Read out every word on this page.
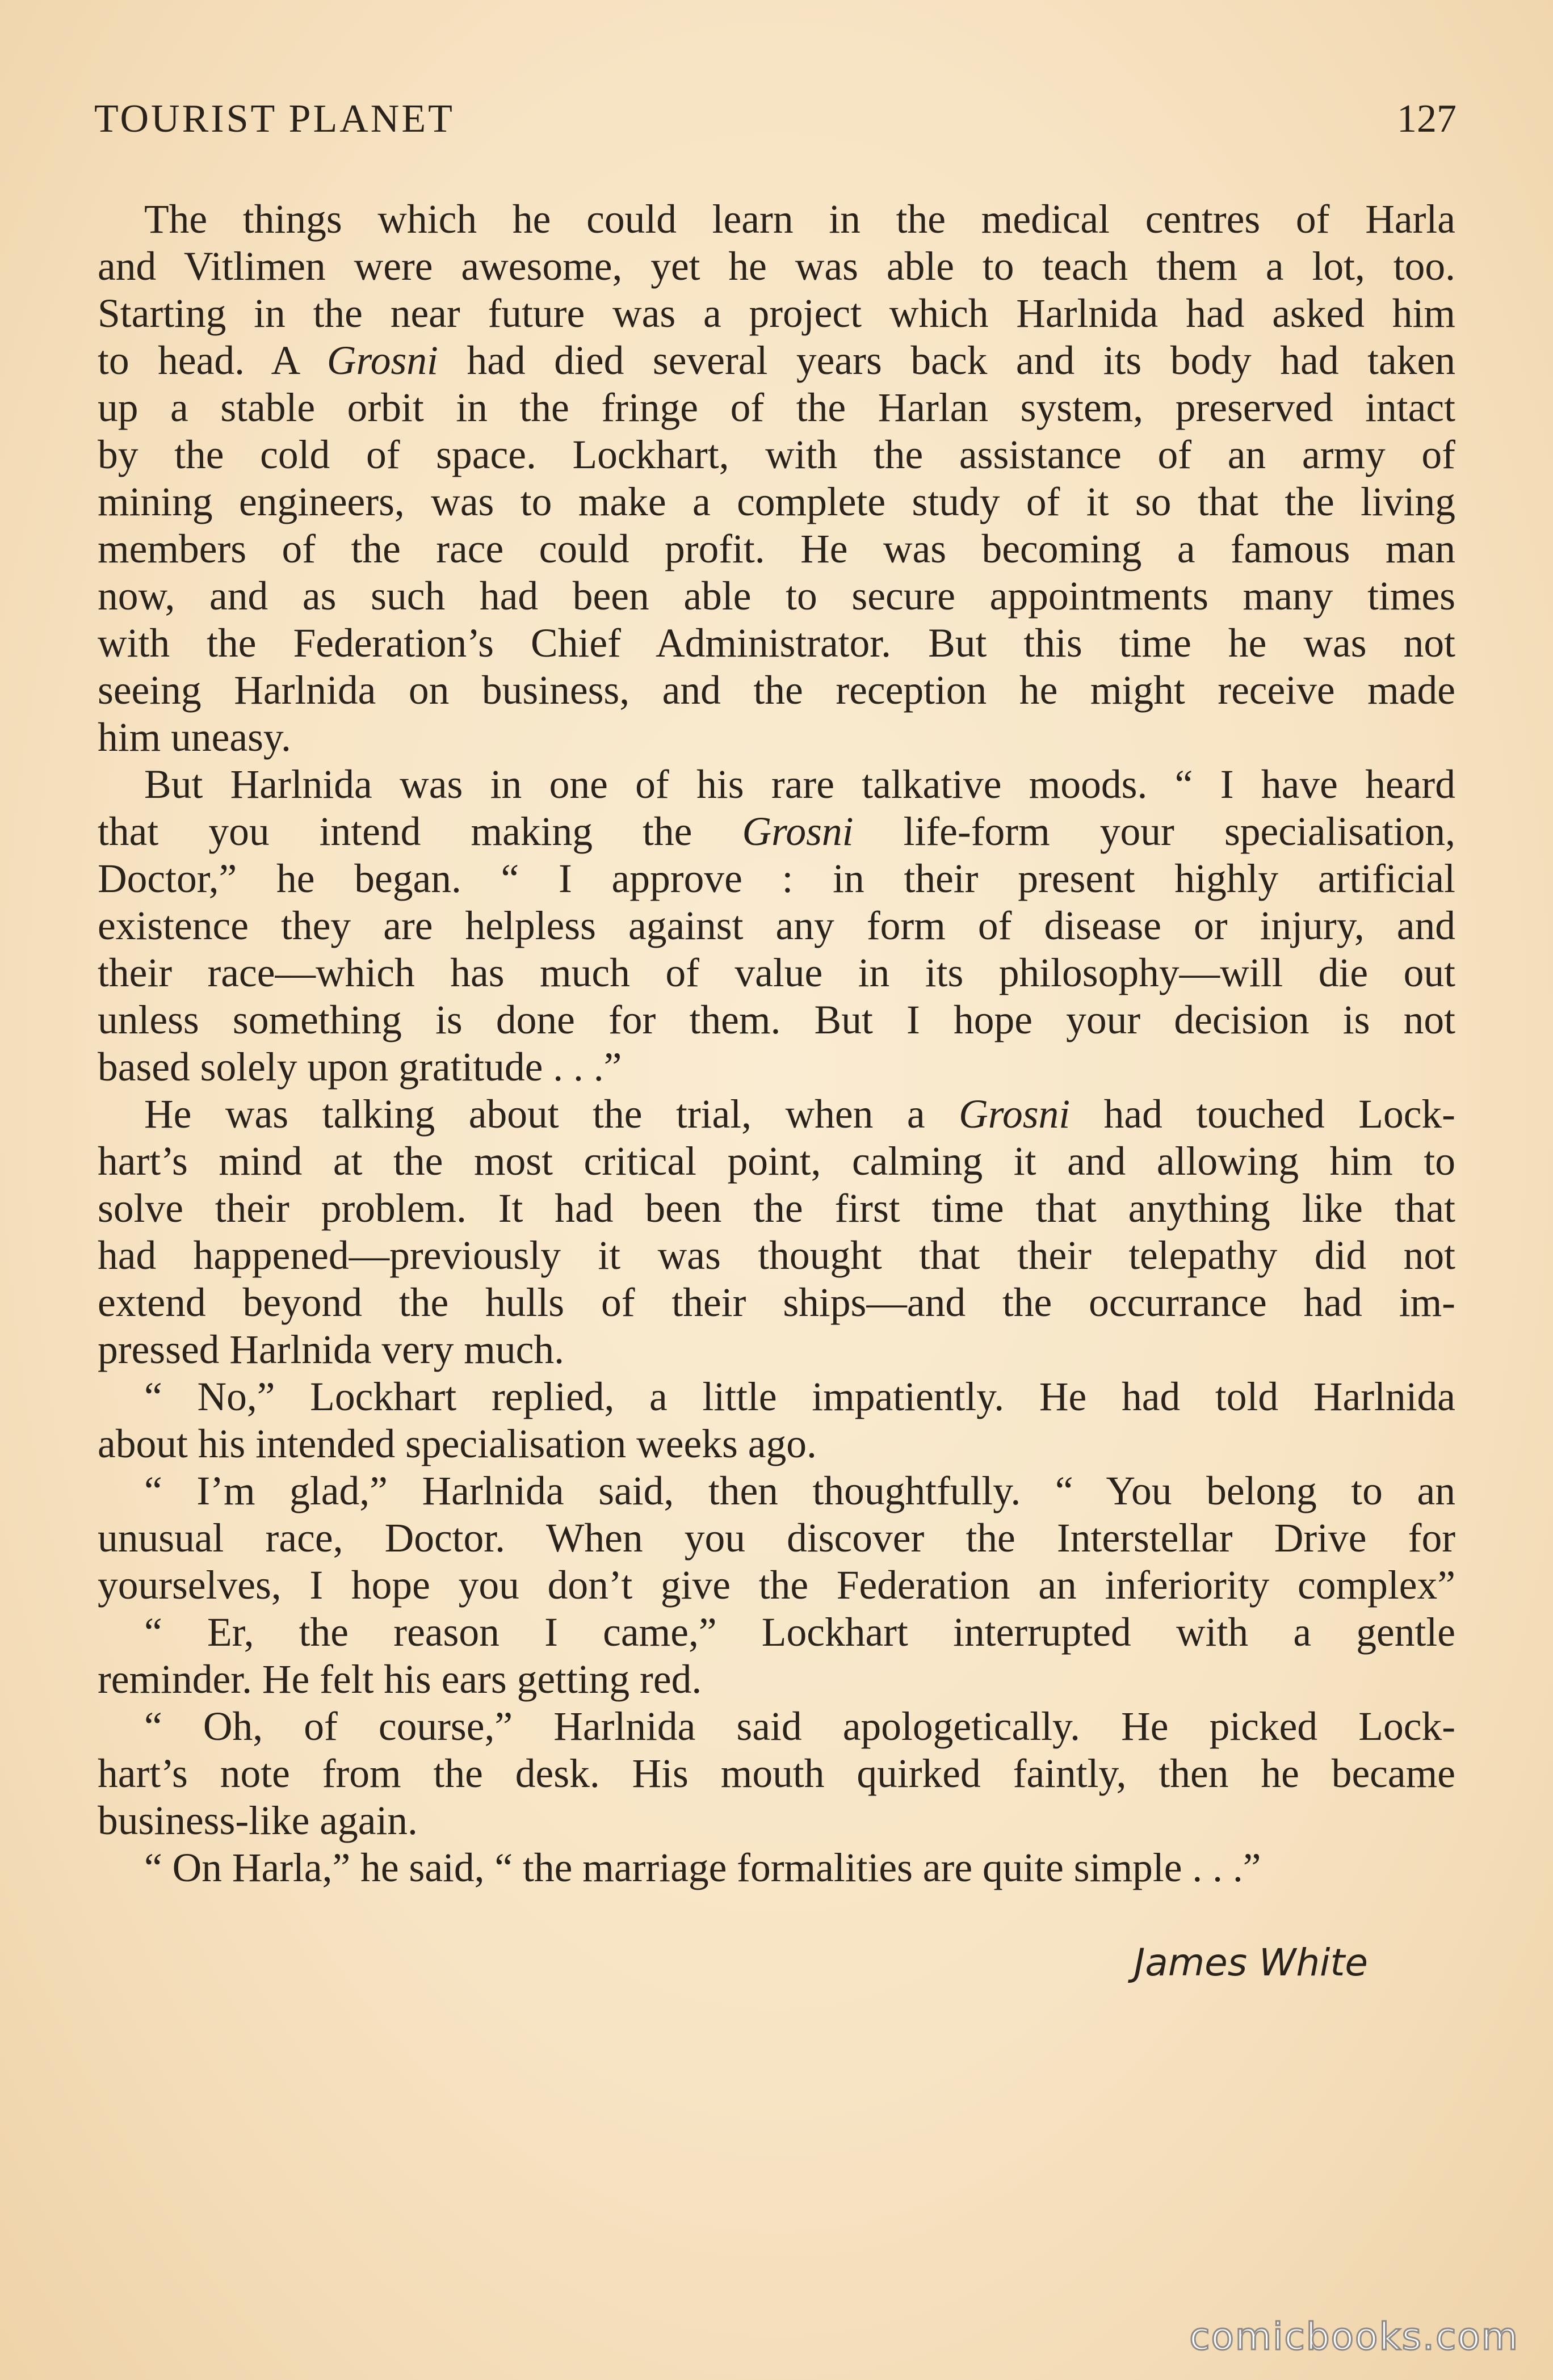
TOURIST PLANET	127
The things which he could learn in the medical centres of Harla
and Vitlimen were awesome, yet he was able to teach them a lot, too.
Starting in the near future was a project which Harlnida had asked him
to head. A Grosni had died several years back and its body had taken
up a stable orbit in the fringe of the Harlan system, preserved intact
by the cold of space. Lockhart, with the assistance of an army of
mining engineers, was to make a complete study of it so that the living
members of the race could profit. He was becoming a famous man
now, and as such had been able to secure appointments many times
with the Federation’s Chief Administrator. But this time he was not
seeing Harlnida on business, and the reception he might receive made
him uneasy.
But Harlnida was in one of his rare talkative moods. “ I have heard
that you intend making the Grosni life-form your specialisation,
Doctor,” he began. “ I approve : in their present highly artificial
existence they are helpless against any form of disease or injury, and
their race—which has much of value in its philosophy—will die out
unless something is done for them. But I hope your decision is not
based solely upon gratitude . . .”
He was talking about the trial, when a Grosni had touched Lock-
hart’s mind at the most critical point, calming it and allowing him to
solve their problem. It had been the first time that anything like that
had happened—previously it was thought that their telepathy did not
extend beyond the hulls of their ships—and the occurrance had im-
pressed Harlnida very much.
“ No,” Lockhart replied, a little impatiently. He had told Harlnida
about his intended specialisation weeks ago.
“ I’m glad,” Harlnida said, then thoughtfully. “ You belong to an
unusual race, Doctor. When you discover the Interstellar Drive for
yourselves, I hope you don’t give the Federation an inferiority complex”
“ Er, the reason I came,” Lockhart interrupted with a gentle
reminder. He felt his ears getting red.
“ Oh, of course,” Harlnida said apologetically. He picked Lock-
hart’s note from the desk. His mouth quirked faintly, then he became
business-like again.
“ On Harla,” he said, “ the marriage formalities are quite simple . . .”
James White
comicbooks.com
